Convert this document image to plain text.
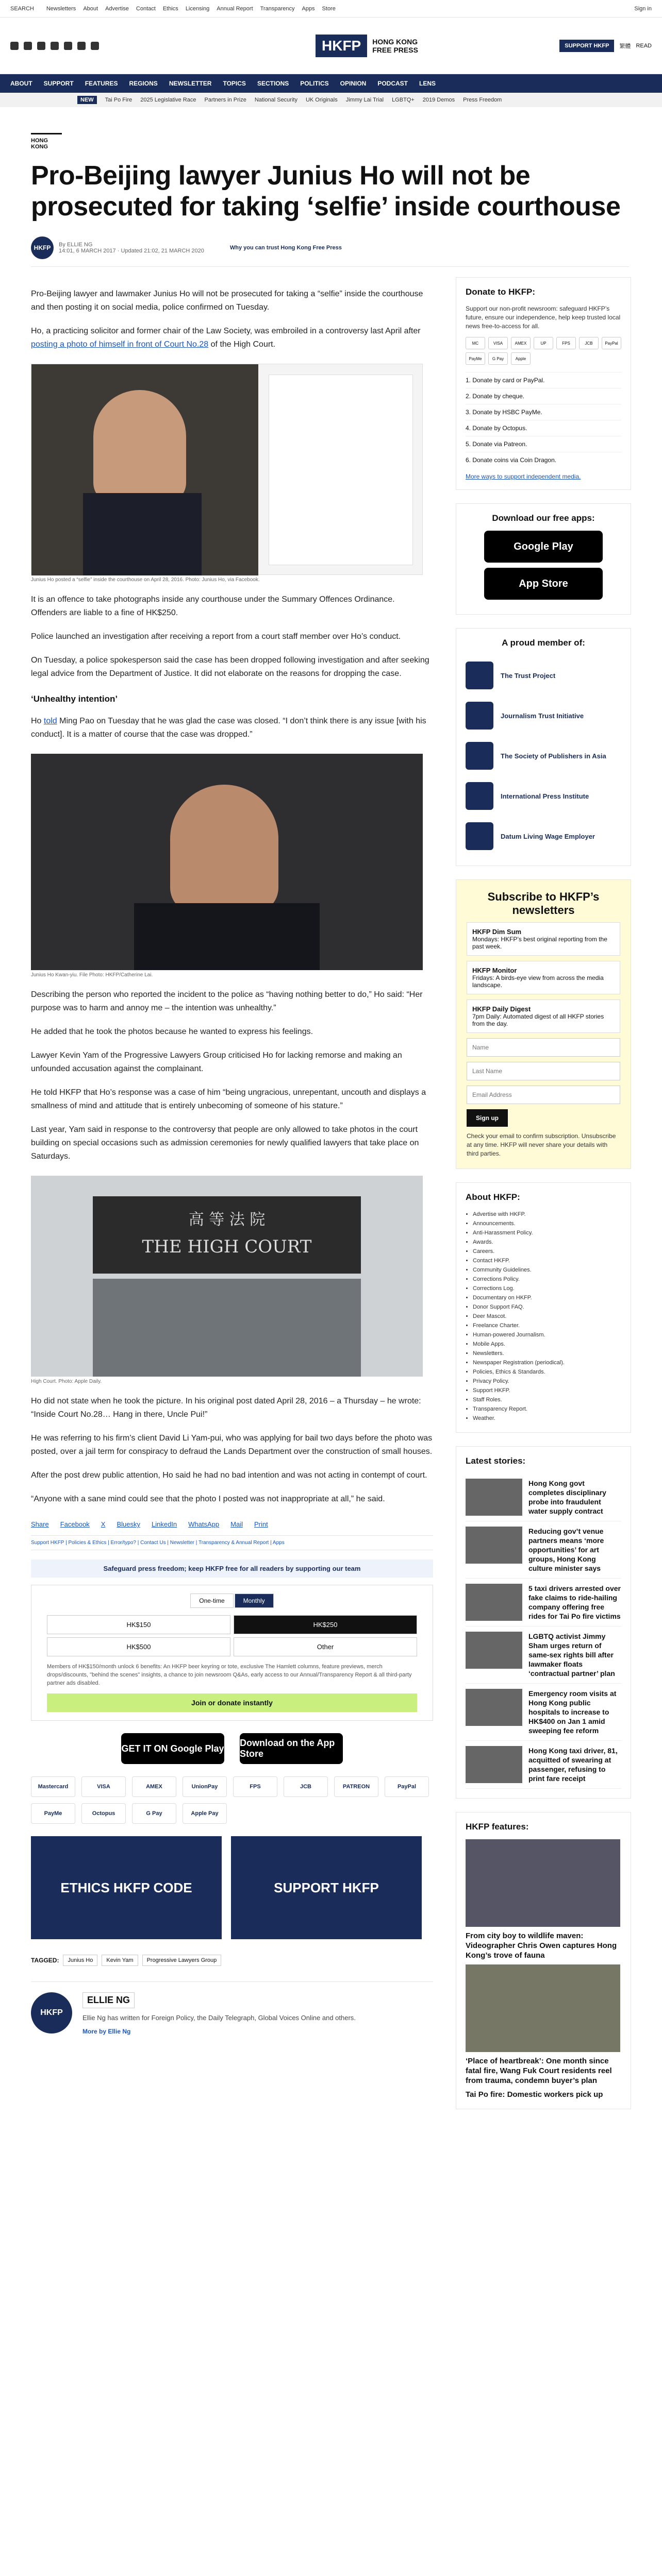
SEARCH Newsletters About Advertise Contact Ethics Licensing Annual Report Transparency Apps Store	Sign in
HKFP	HONG KONG
FREE PRESS	SUPPORT HKFP	繁體 READ
ABOUT SUPPORT FEATURES REGIONS NEWSLETTER TOPICS SECTIONS POLITICS OPINION PODCAST LENS
NEW	Tai Po Fire 2025 Legislative Race Partners in Prize National Security UK Originals Jimmy Lai Trial LGBTQ+ 2019 Demos Press Freedom
HONG KONG
Pro-Beijing lawyer Junius Ho will not be prosecuted for taking ‘selfie’ inside courthouse
HKFP	By ELLIE NG
14:01, 6 MARCH 2017 · Updated 21:02, 21 MARCH 2020	Why you can trust Hong Kong Free Press

Pro-Beijing lawyer and lawmaker Junius Ho will not be prosecuted for taking a “selfie” inside the courthouse and then posting it on social media, police confirmed on Tuesday.

Ho, a practicing solicitor and former chair of the Law Society, was embroiled in a controversy last April after posting a photo of himself in front of Court No.28 of the High Court.

Junius Ho posted a “selfie” inside the courthouse on April 28, 2016. Photo: Junius Ho, via Facebook.

It is an offence to take photographs inside any courthouse under the Summary Offences Ordinance. Offenders are liable to a fine of HK$250.

Police launched an investigation after receiving a report from a court staff member over Ho’s conduct.

On Tuesday, a police spokesperson said the case has been dropped following investigation and after seeking legal advice from the Department of Justice. It did not elaborate on the reasons for dropping the case.

‘Unhealthy intention’

Ho told Ming Pao on Tuesday that he was glad the case was closed. “I don’t think there is any issue [with his conduct]. It is a matter of course that the case was dropped.”

Junius Ho Kwan-yiu. File Photo: HKFP/Catherine Lai.

Describing the person who reported the incident to the police as “having nothing better to do,” Ho said: “Her purpose was to harm and annoy me – the intention was unhealthy.”

He added that he took the photos because he wanted to express his feelings.

Lawyer Kevin Yam of the Progressive Lawyers Group criticised Ho for lacking remorse and making an unfounded accusation against the complainant.

He told HKFP that Ho’s response was a case of him “being ungracious, unrepentant, uncouth and displays a smallness of mind and attitude that is entirely unbecoming of someone of his stature.”

Last year, Yam said in response to the controversy that people are only allowed to take photos in the court building on special occasions such as admission ceremonies for newly qualified lawyers that take place on Saturdays.

高 等 法 院
THE HIGH COURT
High Court. Photo: Apple Daily.

Ho did not state when he took the picture. In his original post dated April 28, 2016 – a Thursday – he wrote: “Inside Court No.28… Hang in there, Uncle Pui!”

He was referring to his firm’s client David Li Yam-pui, who was applying for bail two days before the photo was posted, over a jail term for conspiracy to defraud the Lands Department over the construction of small houses.

After the post drew public attention, Ho said he had no bad intention and was not acting in contempt of court.

“Anyone with a sane mind could see that the photo I posted was not inappropriate at all,” he said.

Share Facebook X Bluesky LinkedIn WhatsApp Mail Print
Support HKFP | Policies & Ethics | Error/typo? | Contact Us | Newsletter | Transparency & Annual Report | Apps
Safeguard press freedom; keep HKFP free for all readers by supporting our team
One-time	Monthly
HK$150	HK$250
HK$500	Other
Members of HK$150/month unlock 6 benefits: An HKFP beer keyring or tote, exclusive The Hamlett columns, feature previews, merch drops/discounts, "behind the scenes" insights, a chance to join newsroom Q&As, early access to our Annual/Transparency Report & all third-party partner ads disabled.
Join or donate instantly
GET IT ON Google Play
Download on the App Store
Mastercard	VISA	AMEX	UnionPay	FPS	JCB	PATREON	PayPal
PayMe	Octopus	G Pay	Apple Pay
ETHICS HKFP CODE	SUPPORT HKFP
TAGGED:	Junius Ho	Kevin Yam	Progressive Lawyers Group
HKFP
ELLIE NG

Ellie Ng has written for Foreign Policy, the Daily Telegraph, Global Voices Online and others.

More by Ellie Ng
Donate to HKFP:

Support our non-profit newsroom: safeguard HKFP’s future, ensure our independence, help keep trusted local news free-to-access for all.

MC	VISA	AMEX	UP	FPS	JCB	PayPal
PayMe	G Pay	Apple
1. Donate by card or PayPal.
2. Donate by cheque.
3. Donate by HSBC PayMe.
4. Donate by Octopus.
5. Donate via Patreon.
6. Donate coins via Coin Dragon.
More ways to support independent media.
Download our free apps:
Google Play
App Store
A proud member of:
The Trust Project
Journalism Trust Initiative
The Society of Publishers in Asia
International Press Institute
Datum Living Wage Employer
Subscribe to HKFP’s newsletters
HKFP Dim Sum
Mondays: HKFP’s best original reporting from the past week.
HKFP Monitor
Fridays: A birds-eye view from across the media landscape.
HKFP Daily Digest
7pm Daily: Automated digest of all HKFP stories from the day.
Name Last Name Email Address Sign up

Check your email to confirm subscription. Unsubscribe at any time. HKFP will never share your details with third parties.

About HKFP:
• Advertise with HKFP.
• Announcements.
• Anti-Harassment Policy.
• Awards.
• Careers.
• Contact HKFP.
• Community Guidelines.
• Corrections Policy.
• Corrections Log.
• Documentary on HKFP.
• Donor Support FAQ.
• Deer Mascot.
• Freelance Charter.
• Human-powered Journalism.
• Mobile Apps.
• Newsletters.
• Newspaper Registration (periodical).
• Policies, Ethics & Standards.
• Privacy Policy.
• Support HKFP.
• Staff Roles.
• Transparency Report.
• Weather.
Latest stories:
Hong Kong govt completes disciplinary probe into fraudulent water supply contract
Reducing gov’t venue partners means ‘more opportunities’ for art groups, Hong Kong culture minister says
5 taxi drivers arrested over fake claims to ride-hailing company offering free rides for Tai Po fire victims
LGBTQ activist Jimmy Sham urges return of same-sex rights bill after lawmaker floats ‘contractual partner’ plan
Emergency room visits at Hong Kong public hospitals to increase to HK$400 on Jan 1 amid sweeping fee reform
Hong Kong taxi driver, 81, acquitted of swearing at passenger, refusing to print fare receipt
HKFP features:
From city boy to wildlife maven: Videographer Chris Owen captures Hong Kong’s trove of fauna
‘Place of heartbreak’: One month since fatal fire, Wang Fuk Court residents reel from trauma, condemn buyer’s plan
Tai Po fire: Domestic workers pick up
